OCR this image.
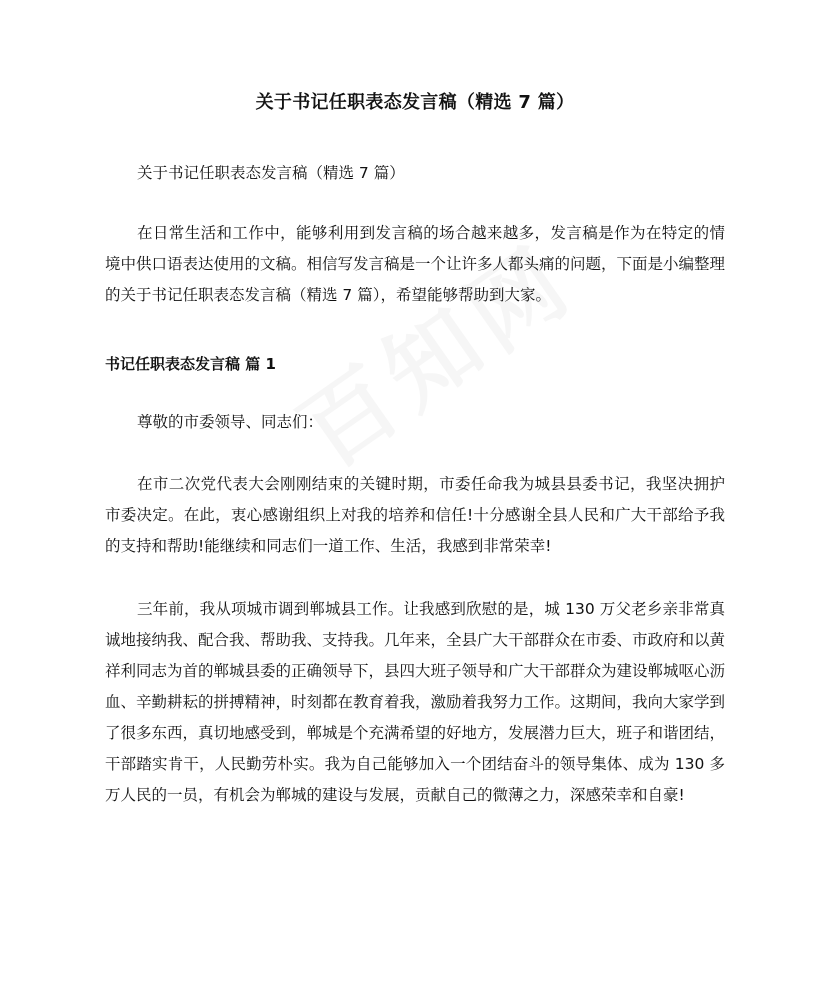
关于书记任职表态发言稿（精选 7 篇）

关于书记任职表态发言稿（精选 7 篇）

在日常生活和工作中，能够利用到发言稿的场合越来越多，发言稿是作为在特定的情境中供口语表达使用的文稿。相信写发言稿是一个让许多人都头痛的问题，下面是小编整理的关于书记任职表态发言稿（精选 7 篇），希望能够帮助到大家。

书记任职表态发言稿 篇 1

尊敬的市委领导、同志们：

在市二次党代表大会刚刚结束的关键时期，市委任命我为城县县委书记，我坚决拥护市委决定。在此，衷心感谢组织上对我的培养和信任!十分感谢全县人民和广大干部给予我的支持和帮助!能继续和同志们一道工作、生活，我感到非常荣幸!

三年前，我从项城市调到郸城县工作。让我感到欣慰的是，城 130 万父老乡亲非常真诚地接纳我、配合我、帮助我、支持我。几年来，全县广大干部群众在市委、市政府和以黄祥利同志为首的郸城县委的正确领导下，县四大班子领导和广大干部群众为建设郸城呕心沥血、辛勤耕耘的拼搏精神，时刻都在教育着我，激励着我努力工作。这期间，我向大家学到了很多东西，真切地感受到，郸城是个充满希望的好地方，发展潜力巨大，班子和谐团结，干部踏实肯干，人民勤劳朴实。我为自己能够加入一个团结奋斗的领导集体、成为 130 多万人民的一员，有机会为郸城的建设与发展，贡献自己的微薄之力，深感荣幸和自豪!
